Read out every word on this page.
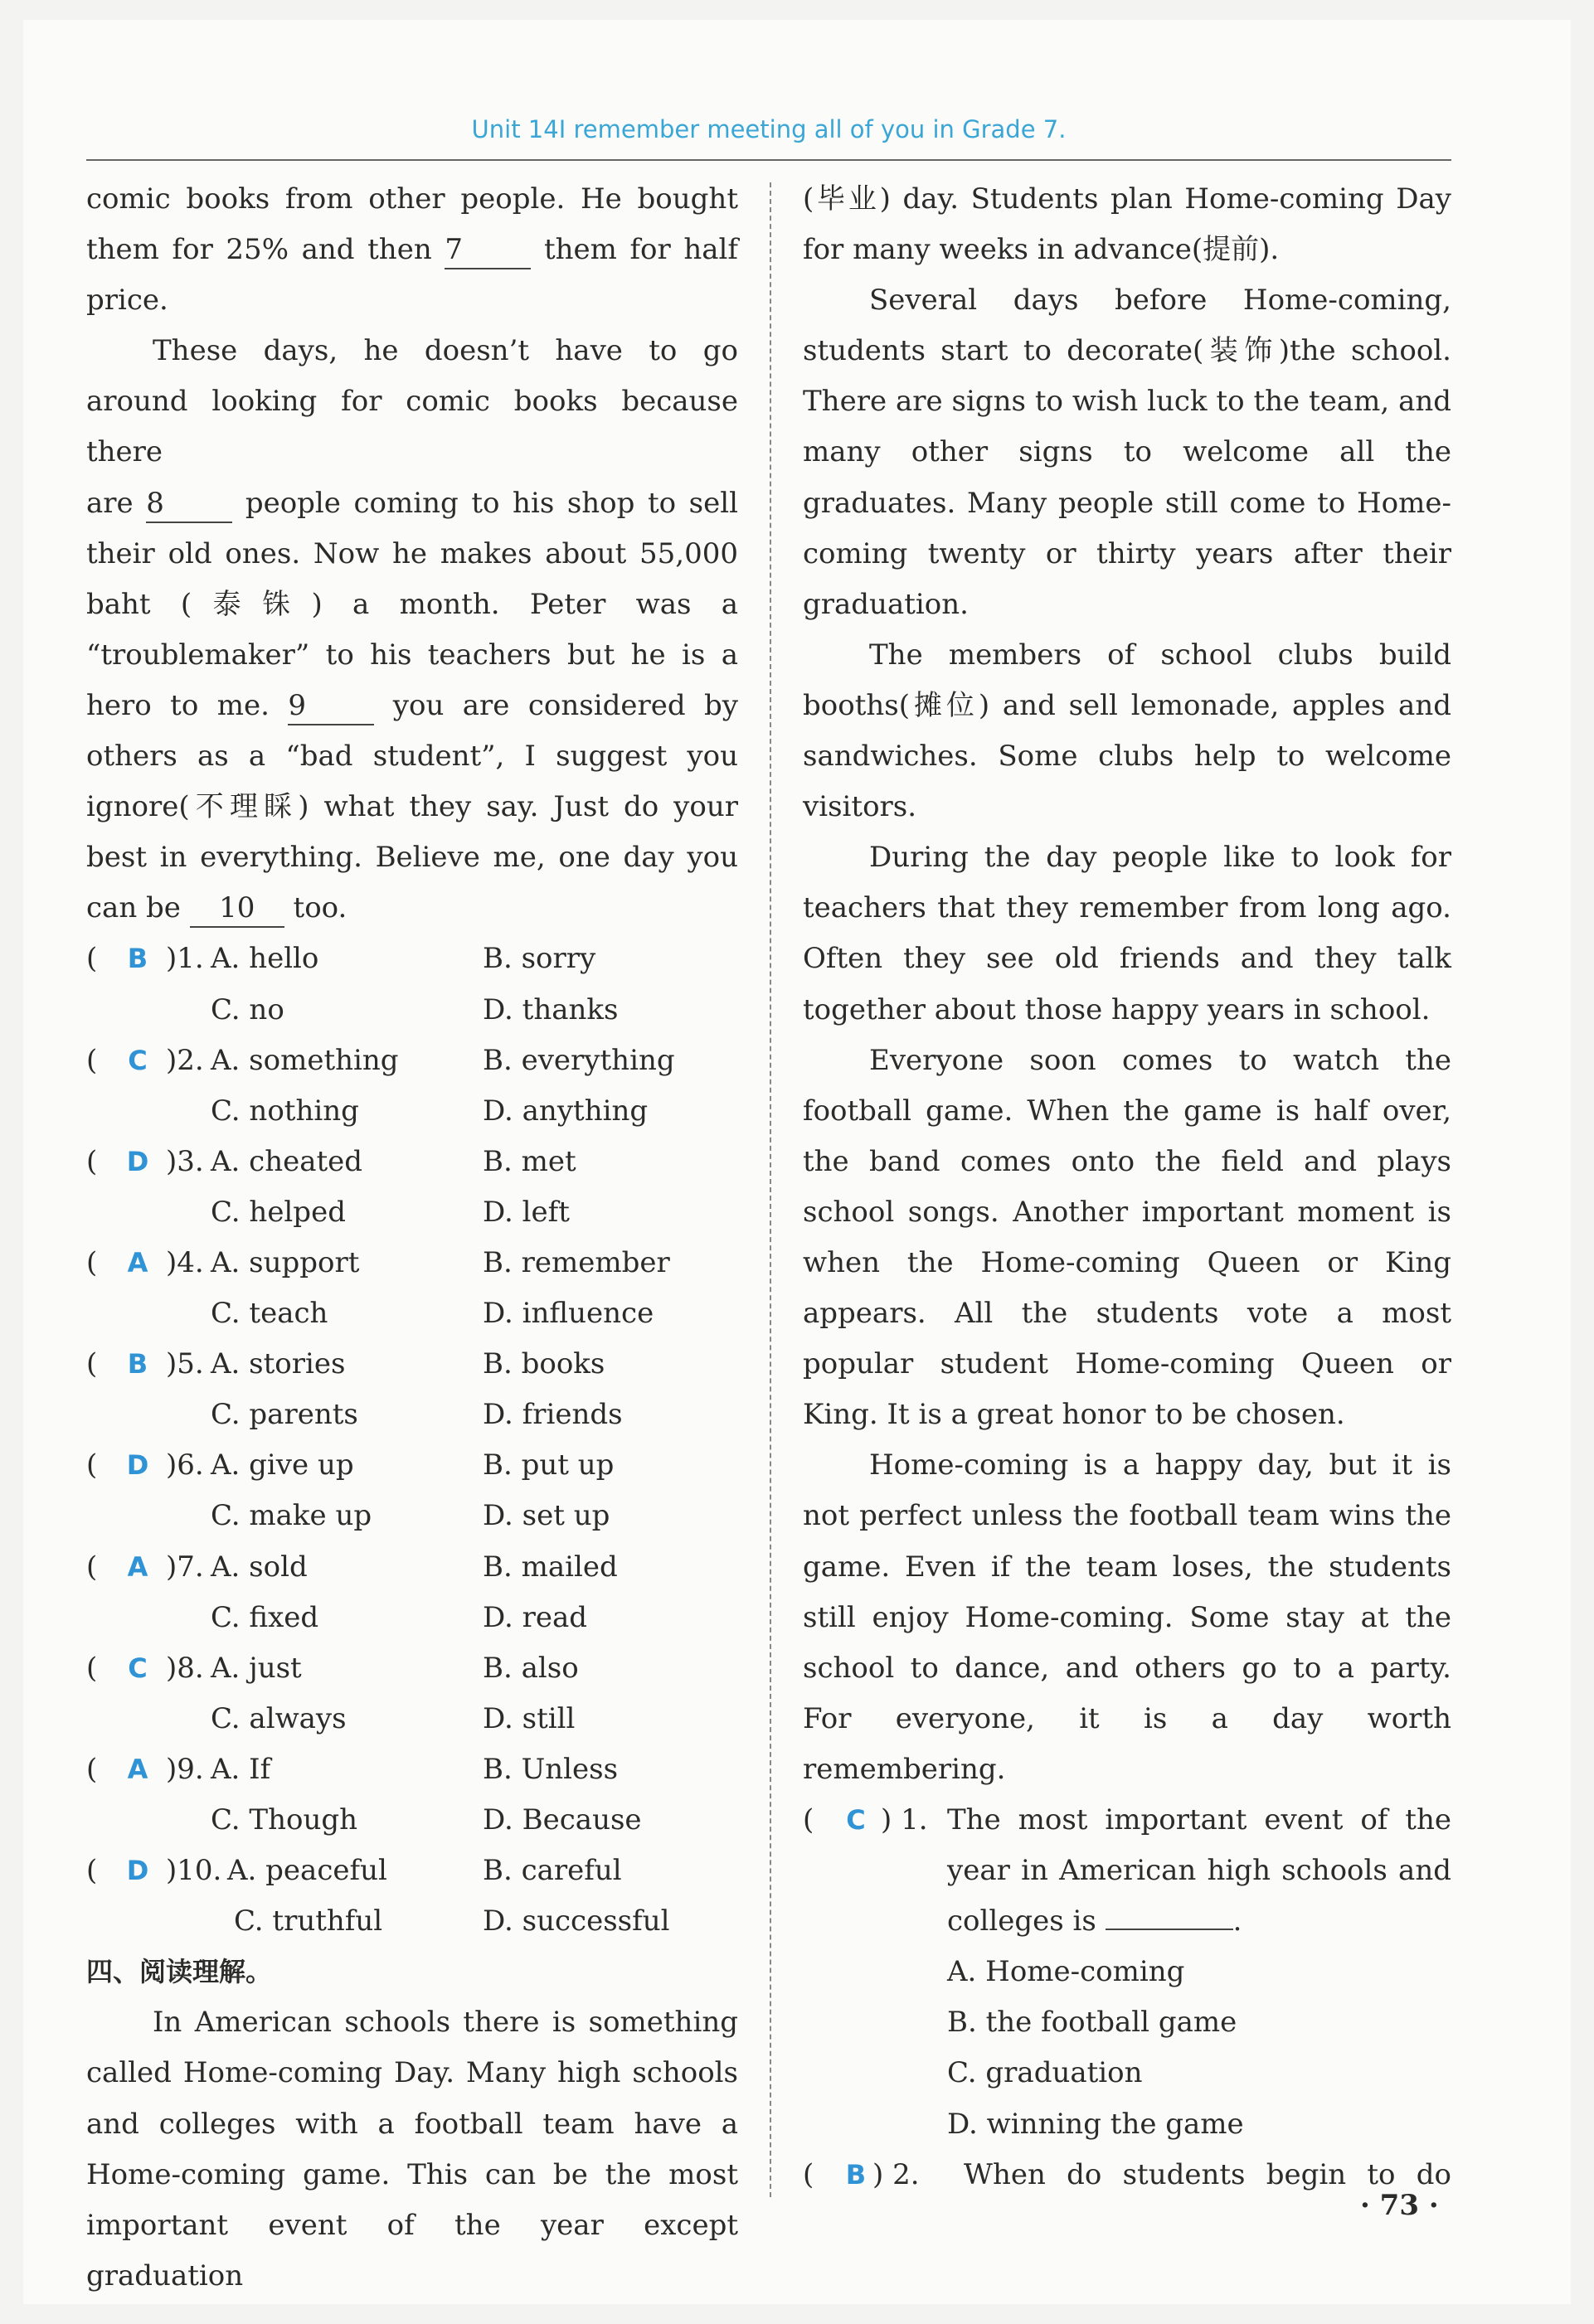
Unit 14I remember meeting all of you in Grade 7.

comic books from other people. He bought

them for 25% and then 7	them for half

price.

These days, he doesn’t have to go

around looking for comic books because there

are 8	people coming to his shop to sell

their old ones. Now he makes about 55,000

baht (泰铢) a month. Peter was a

“troublemaker” to his teachers but he is a

hero to me. 9	you are considered by

others as a “bad student”, I suggest you

ignore(不理睬) what they say. Just do your

best in everything. Believe me, one day you

can be 10 too.

( B )1. A. hello	B. sorry
C. no	D. thanks
( C )2. A. something	B. everything
C. nothing	D. anything
( D )3. A. cheated	B. met
C. helped	D. left
( A )4. A. support	B. remember
C. teach	D. influence
( B )5. A. stories	B. books
C. parents	D. friends
( D )6. A. give up	B. put up
C. make up	D. set up
( A )7. A. sold	B. mailed
C. fixed	D. read
( C )8. A. just	B. also
C. always	D. still
( A )9. A. If	B. Unless
C. Though	D. Because
( D )10. A. peaceful	B. careful
C. truthful	D. successful

四、阅读理解。

In American schools there is something

called Home-coming Day. Many high schools

and colleges with a football team have a

Home-coming game. This can be the most

important event of the year except graduation

(毕业) day. Students plan Home-coming Day

for many weeks in advance(提前).

Several days before Home-coming,

students start to decorate(装饰)the school.

There are signs to wish luck to the team, and

many other signs to welcome all the

graduates. Many people still come to Home-

coming twenty or thirty years after their

graduation.

The members of school clubs build

booths(摊位) and sell lemonade, apples and

sandwiches. Some clubs help to welcome

visitors.

During the day people like to look for

teachers that they remember from long ago.

Often they see old friends and they talk

together about those happy years in school.

Everyone soon comes to watch the

football game. When the game is half over,

the band comes onto the field and plays

school songs. Another important moment is

when the Home-coming Queen or King

appears. All the students vote a most

popular student Home-coming Queen or

King. It is a great honor to be chosen.

Home-coming is a happy day, but it is

not perfect unless the football team wins the

game. Even if the team loses, the students

still enjoy Home-coming. Some stay at the

school to dance, and others go to a party.

For everyone, it is a day worth

remembering.

( C ) 1. The most important event of the

year in American high schools and

colleges is	.

A. Home-coming

B. the football game

C. graduation

D. winning the game

( B ) 2. When do students begin to do

· 73 ·
